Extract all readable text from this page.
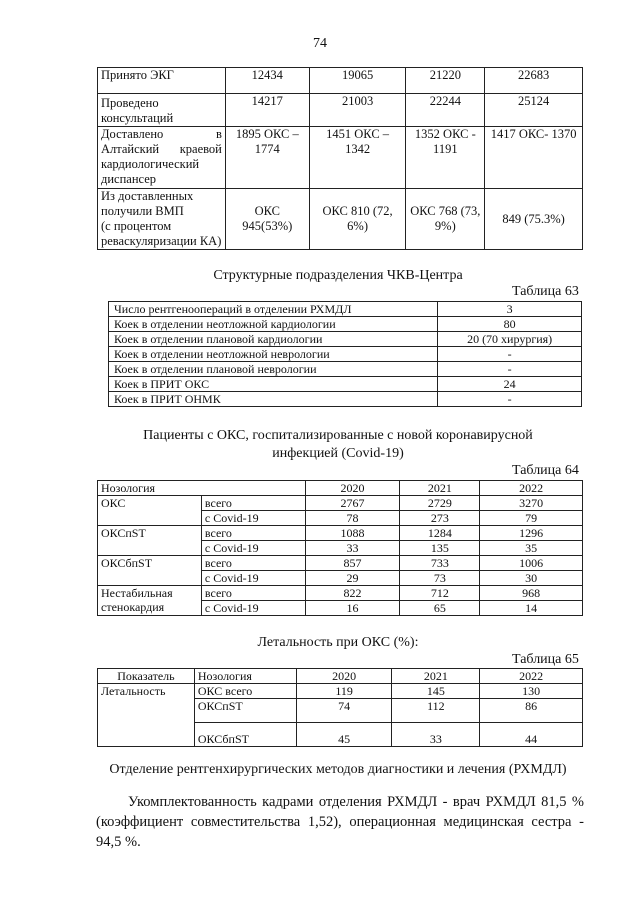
74
Принято ЭКГ	12434	19065	21220	22683
Проведено консультаций	14217	21003	22244	25124

Доставлено в
Алтайский краевой
кардиологический
диспансер	1895 ОКС – 1774	1451 ОКС – 1342	1352 ОКС - 1191	1417 ОКС- 1370

Из доставленных
получили ВМП
(с процентом
реваскуляризации КА)	ОКС 945(53%)	ОКС 810 (72, 6%)	ОКС 768 (73, 9%)	849 (75.3%)
Структурные подразделения ЧКВ-Центра
Таблица 63
Число рентгеноопераций в отделении РХМДЛ	3
Коек в отделении неотложной кардиологии	80
Коек в отделении плановой кардиологии	20 (70 хирургия)
Коек в отделении неотложной неврологии	-
Коек в отделении плановой неврологии	-
Коек в ПРИТ ОКС	24
Коек в ПРИТ ОНМК	-
Пациенты с ОКС, госпитализированные с новой коронавирусной
инфекцией (Covid-19)
Таблица 64
Нозология		2020	2021	2022
ОКС	всего	2767	2729	3270
	с Covid-19	78	273	79
ОКСпST	всего	1088	1284	1296
	с Covid-19	33	135	35
ОКСбпST	всего	857	733	1006
	с Covid-19	29	73	30

Нестабильная
стенокардия	всего	822	712	968
	с Covid-19	16	65	14
Летальность при ОКС (%):
Таблица 65
Показатель	Нозология	2020	2021	2022
Летальность	ОКС всего	119	145	130
	ОКСпST	74	112	86
	ОКСбпST	45	33	44
Отделение рентгенхирургических методов диагностики и лечения (РХМДЛ)
Укомплектованность кадрами отделения РХМДЛ - врач РХМДЛ 81,5 % (коэффициент совместительства 1,52), операционная медицинская сестра - 94,5 %.
